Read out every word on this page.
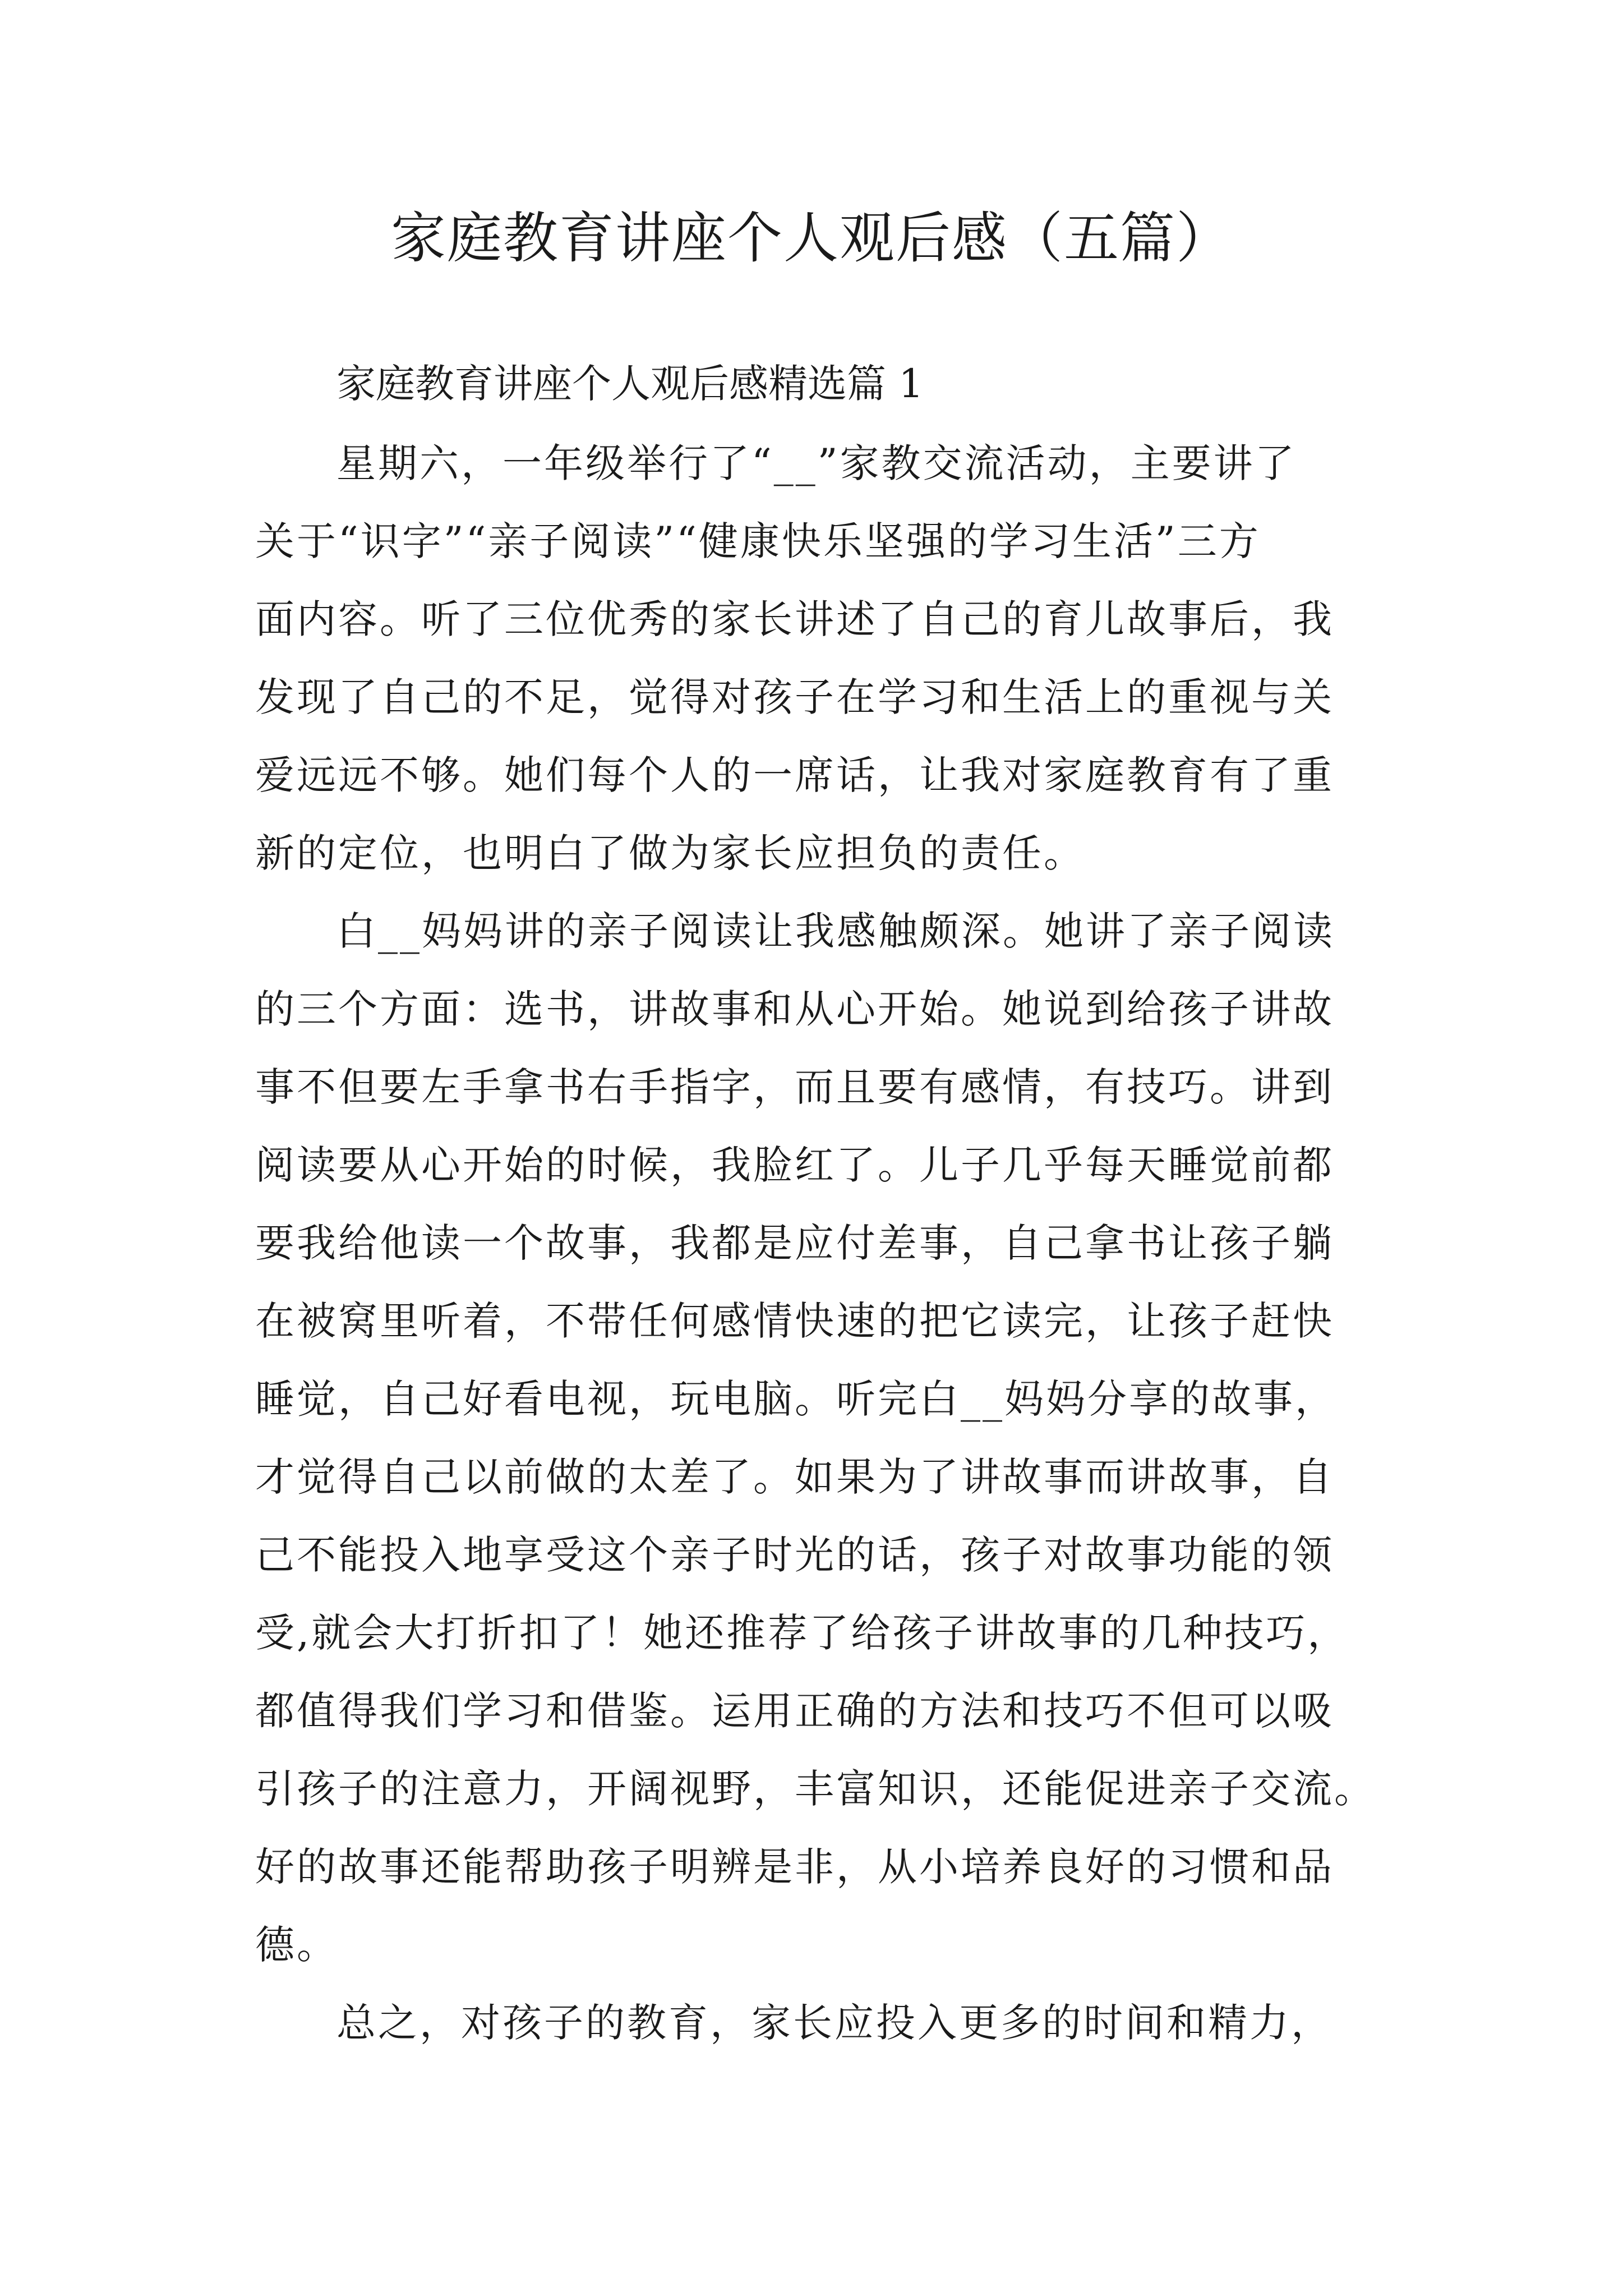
家庭教育讲座个人观后感（五篇）
家庭教育讲座个人观后感精选篇 1
星期六，一年级举行了“__”家教交流活动，主要讲了
关于“识字”“亲子阅读”“健康快乐坚强的学习生活”三方
面内容。听了三位优秀的家长讲述了自己的育儿故事后，我
发现了自己的不足，觉得对孩子在学习和生活上的重视与关
爱远远不够。她们每个人的一席话，让我对家庭教育有了重
新的定位，也明白了做为家长应担负的责任。
白__妈妈讲的亲子阅读让我感触颇深。她讲了亲子阅读
的三个方面：选书，讲故事和从心开始。她说到给孩子讲故
事不但要左手拿书右手指字，而且要有感情，有技巧。讲到
阅读要从心开始的时候，我脸红了。儿子几乎每天睡觉前都
要我给他读一个故事，我都是应付差事，自己拿书让孩子躺
在被窝里听着，不带任何感情快速的把它读完，让孩子赶快
睡觉，自己好看电视，玩电脑。听完白__妈妈分享的故事，
才觉得自己以前做的太差了。如果为了讲故事而讲故事，自
己不能投入地享受这个亲子时光的话，孩子对故事功能的领
受,就会大打折扣了！她还推荐了给孩子讲故事的几种技巧，
都值得我们学习和借鉴。运用正确的方法和技巧不但可以吸
引孩子的注意力，开阔视野，丰富知识，还能促进亲子交流。
好的故事还能帮助孩子明辨是非，从小培养良好的习惯和品
德。
总之，对孩子的教育，家长应投入更多的时间和精力，
